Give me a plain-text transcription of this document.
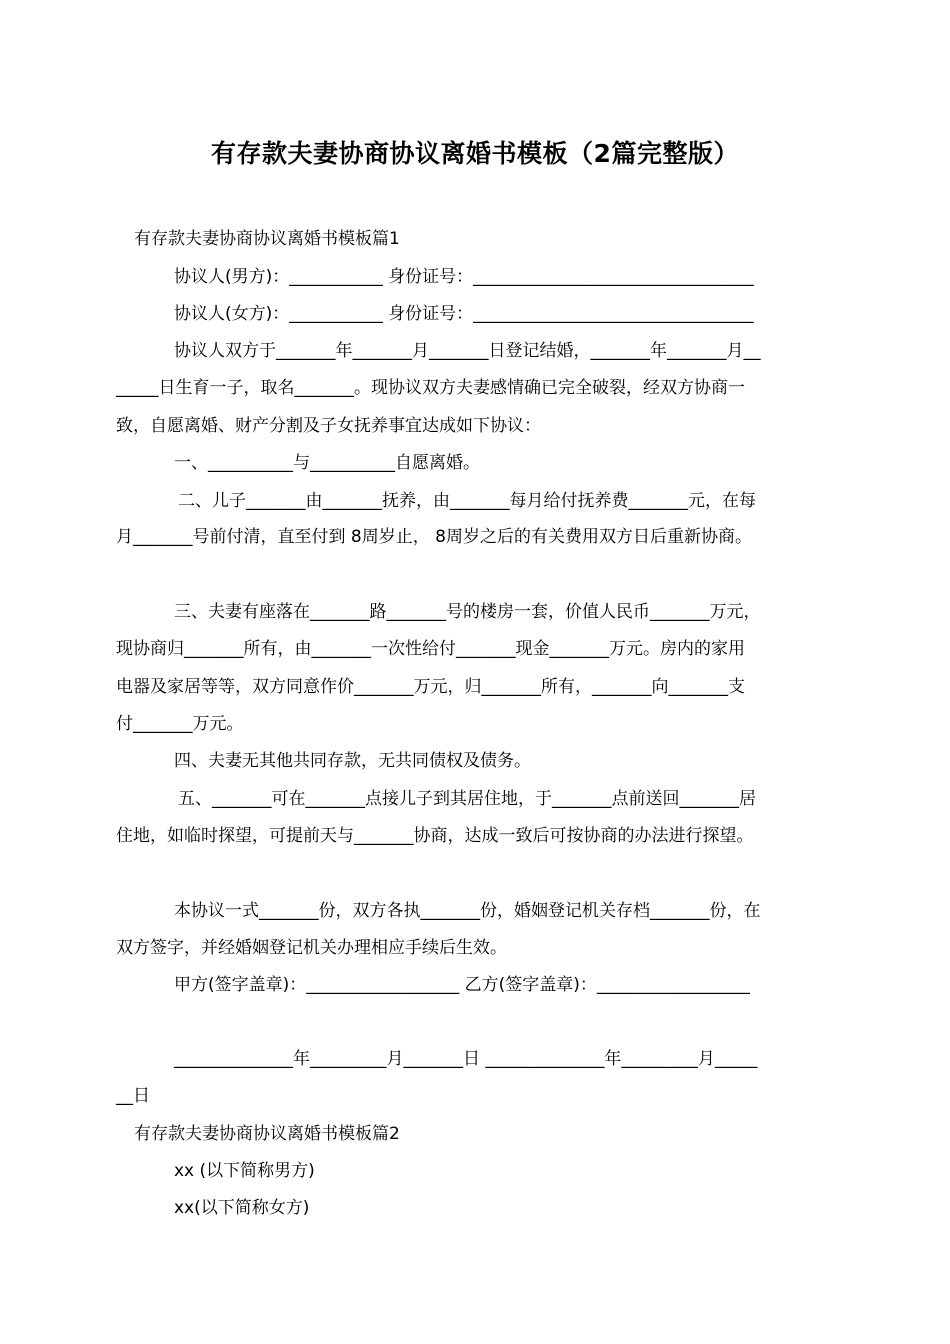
有存款夫妻协商协议离婚书模板（2篇完整版）
有存款夫妻协商协议离婚书模板篇1
协议人(男方)：___________ 身份证号：_________________________________
协议人(女方)：___________ 身份证号：_________________________________
协议人双方于_______年_______月_______日登记结婚，_______年_______月__
_____日生育一子，取名_______。现协议双方夫妻感情确已完全破裂，经双方协商一
致，自愿离婚、财产分割及子女抚养事宜达成如下协议：
一、__________与__________自愿离婚。
二、儿子_______由_______抚养，由_______每月给付抚养费_______元，在每
月_______号前付清，直至付到 8周岁止， 8周岁之后的有关费用双方日后重新协商。
三、夫妻有座落在_______路_______号的楼房一套，价值人民币_______万元，
现协商归_______所有，由_______一次性给付_______现金_______万元。房内的家用
电器及家居等等，双方同意作价_______万元，归_______所有，_______向_______支
付_______万元。
四、夫妻无其他共同存款，无共同债权及债务。
五、_______可在_______点接儿子到其居住地，于_______点前送回_______居
住地，如临时探望，可提前天与_______协商，达成一致后可按协商的办法进行探望。
本协议一式_______份，双方各执_______份，婚姻登记机关存档_______份，在
双方签字，并经婚姻登记机关办理相应手续后生效。
甲方(签字盖章)：__________________ 乙方(签字盖章)：__________________
______________年_________月_______日 ______________年_________月_____
__日
有存款夫妻协商协议离婚书模板篇2
xx (以下简称男方)
xx(以下简称女方)
